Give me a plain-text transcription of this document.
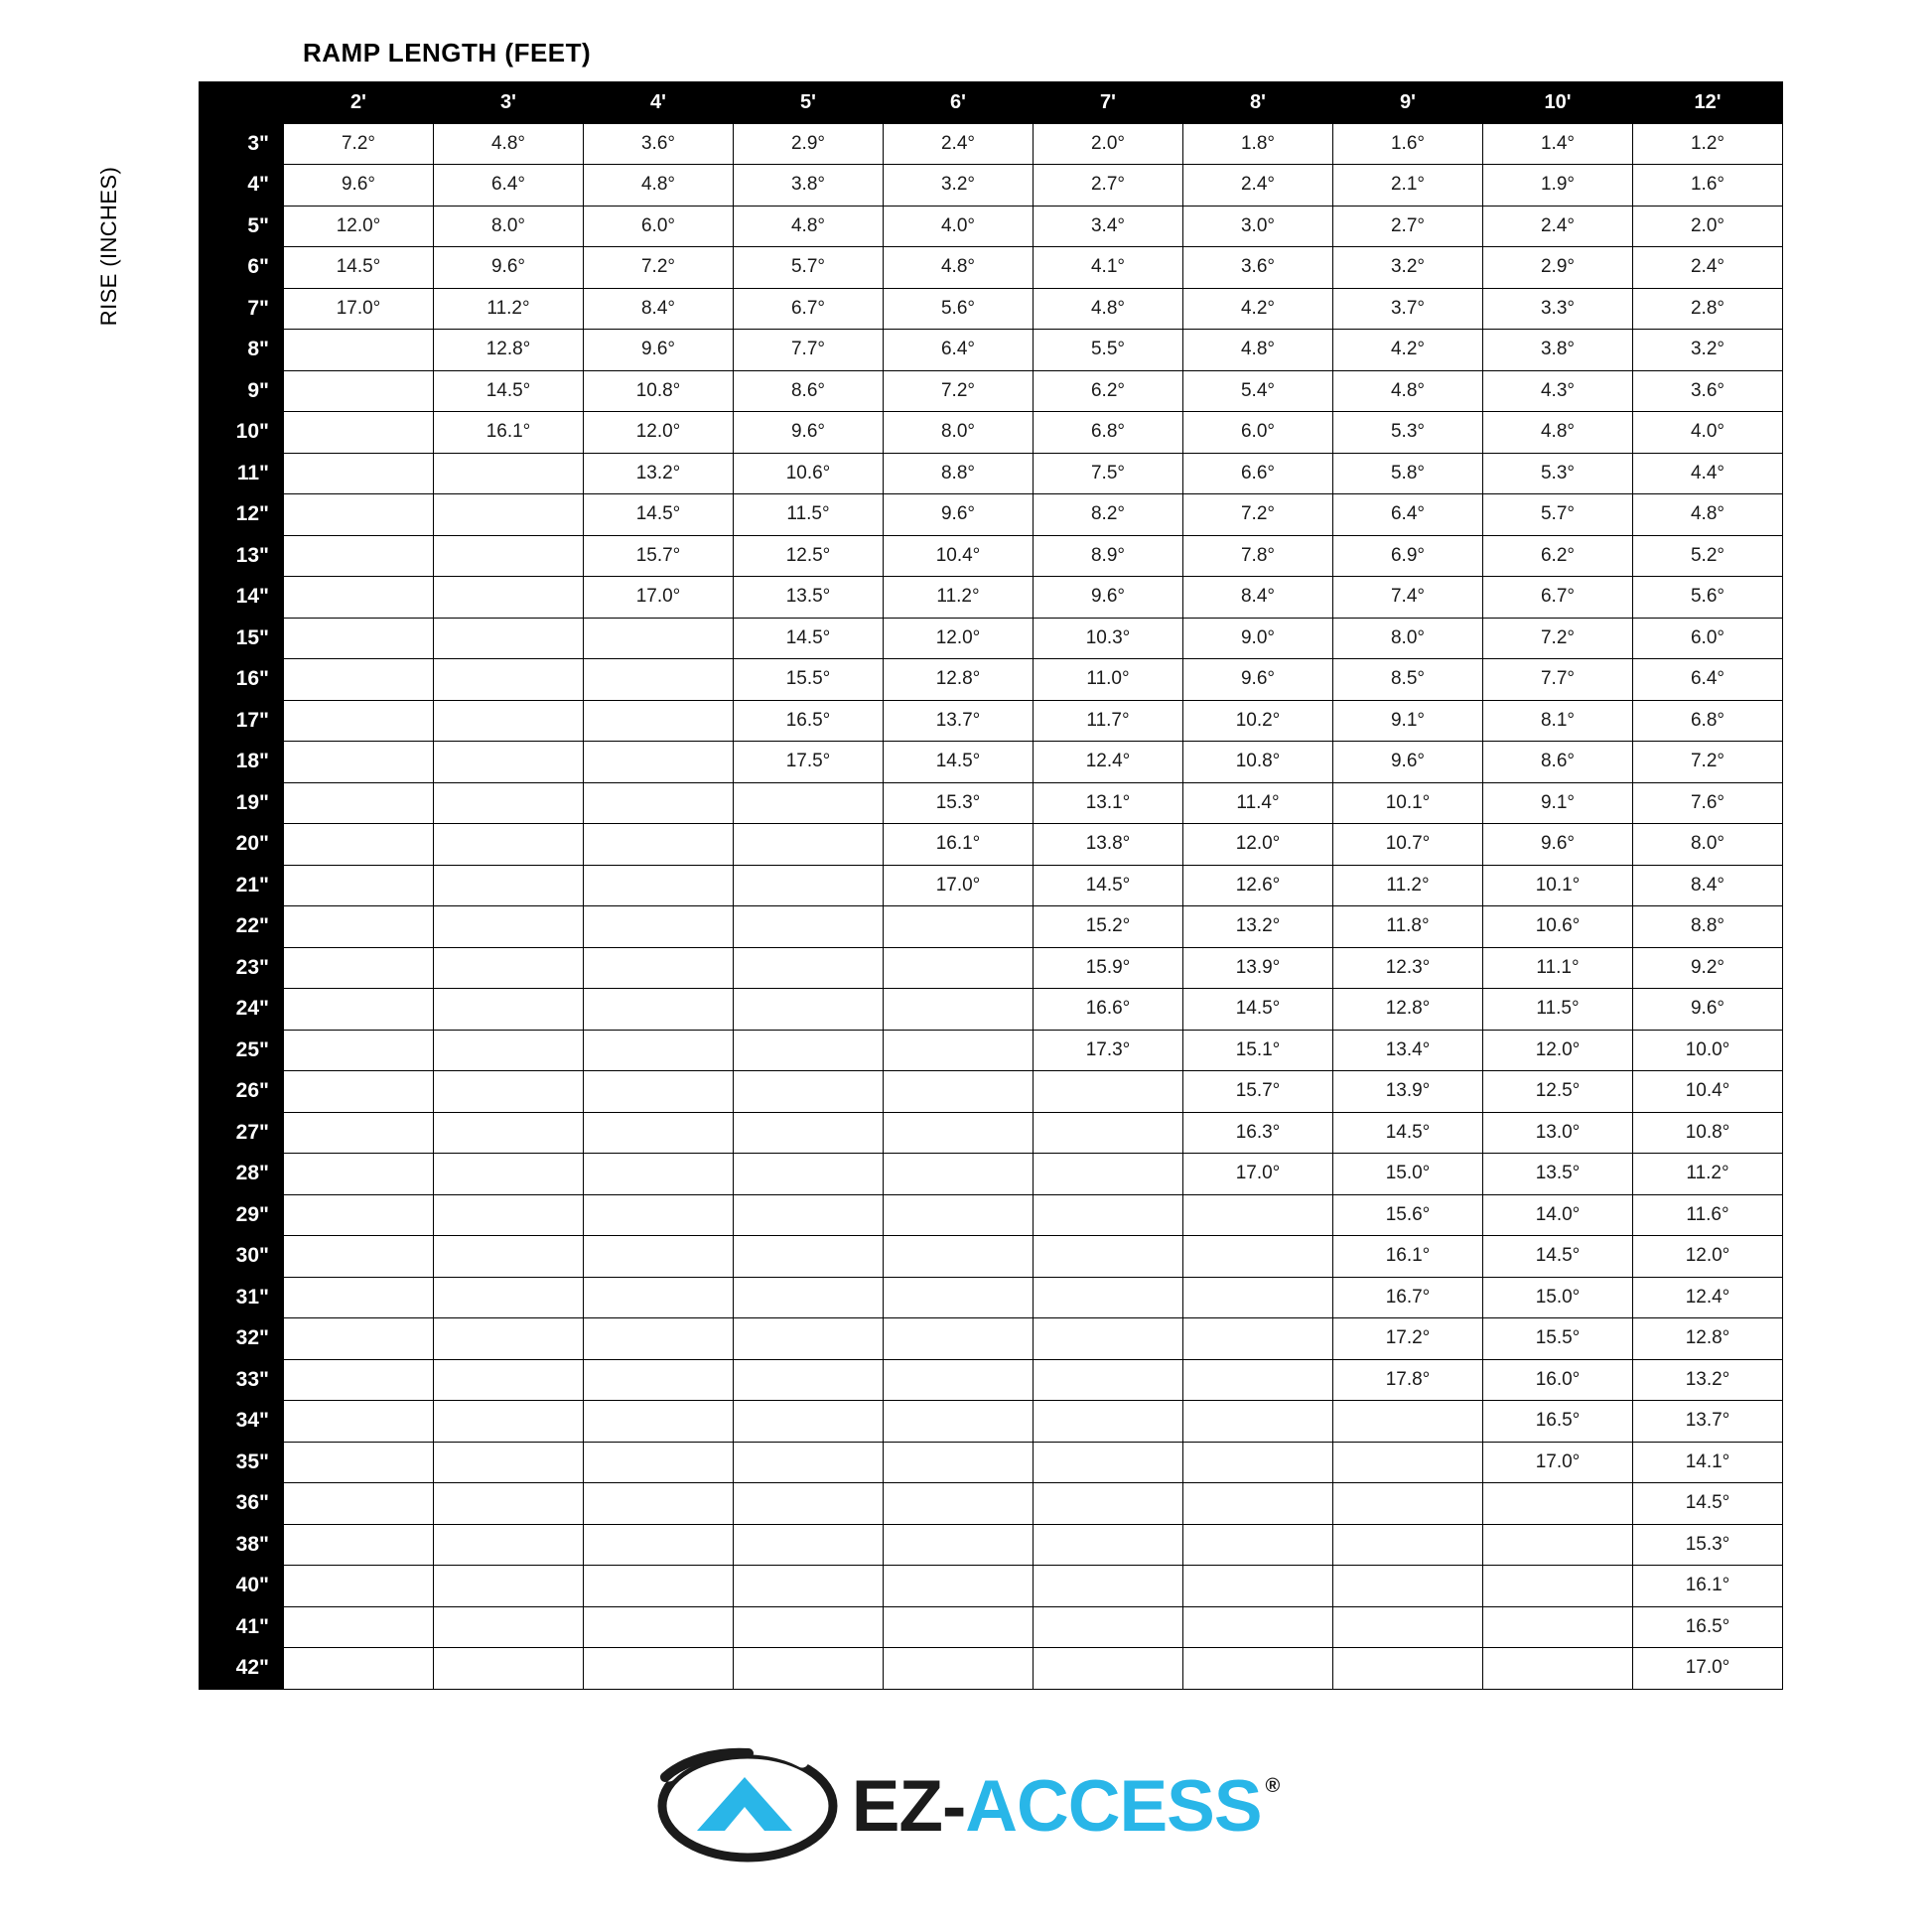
RAMP LENGTH (FEET)
RISE (INCHES)
	2'	3'	4'	5'	6'	7'	8'	9'	10'	12'
3"	7.2°	4.8°	3.6°	2.9°	2.4°	2.0°	1.8°	1.6°	1.4°	1.2°
4"	9.6°	6.4°	4.8°	3.8°	3.2°	2.7°	2.4°	2.1°	1.9°	1.6°
5"	12.0°	8.0°	6.0°	4.8°	4.0°	3.4°	3.0°	2.7°	2.4°	2.0°
6"	14.5°	9.6°	7.2°	5.7°	4.8°	4.1°	3.6°	3.2°	2.9°	2.4°
7"	17.0°	11.2°	8.4°	6.7°	5.6°	4.8°	4.2°	3.7°	3.3°	2.8°
8"		12.8°	9.6°	7.7°	6.4°	5.5°	4.8°	4.2°	3.8°	3.2°
9"		14.5°	10.8°	8.6°	7.2°	6.2°	5.4°	4.8°	4.3°	3.6°
10"		16.1°	12.0°	9.6°	8.0°	6.8°	6.0°	5.3°	4.8°	4.0°
11"			13.2°	10.6°	8.8°	7.5°	6.6°	5.8°	5.3°	4.4°
12"			14.5°	11.5°	9.6°	8.2°	7.2°	6.4°	5.7°	4.8°
13"			15.7°	12.5°	10.4°	8.9°	7.8°	6.9°	6.2°	5.2°
14"			17.0°	13.5°	11.2°	9.6°	8.4°	7.4°	6.7°	5.6°
15"				14.5°	12.0°	10.3°	9.0°	8.0°	7.2°	6.0°
16"				15.5°	12.8°	11.0°	9.6°	8.5°	7.7°	6.4°
17"				16.5°	13.7°	11.7°	10.2°	9.1°	8.1°	6.8°
18"				17.5°	14.5°	12.4°	10.8°	9.6°	8.6°	7.2°
19"					15.3°	13.1°	11.4°	10.1°	9.1°	7.6°
20"					16.1°	13.8°	12.0°	10.7°	9.6°	8.0°
21"					17.0°	14.5°	12.6°	11.2°	10.1°	8.4°
22"						15.2°	13.2°	11.8°	10.6°	8.8°
23"						15.9°	13.9°	12.3°	11.1°	9.2°
24"						16.6°	14.5°	12.8°	11.5°	9.6°
25"						17.3°	15.1°	13.4°	12.0°	10.0°
26"							15.7°	13.9°	12.5°	10.4°
27"							16.3°	14.5°	13.0°	10.8°
28"							17.0°	15.0°	13.5°	11.2°
29"								15.6°	14.0°	11.6°
30"								16.1°	14.5°	12.0°
31"								16.7°	15.0°	12.4°
32"								17.2°	15.5°	12.8°
33"								17.8°	16.0°	13.2°
34"									16.5°	13.7°
35"									17.0°	14.1°
36"										14.5°
38"										15.3°
40"										16.1°
41"										16.5°
42"										17.0°
EZ- ACCESS ®
